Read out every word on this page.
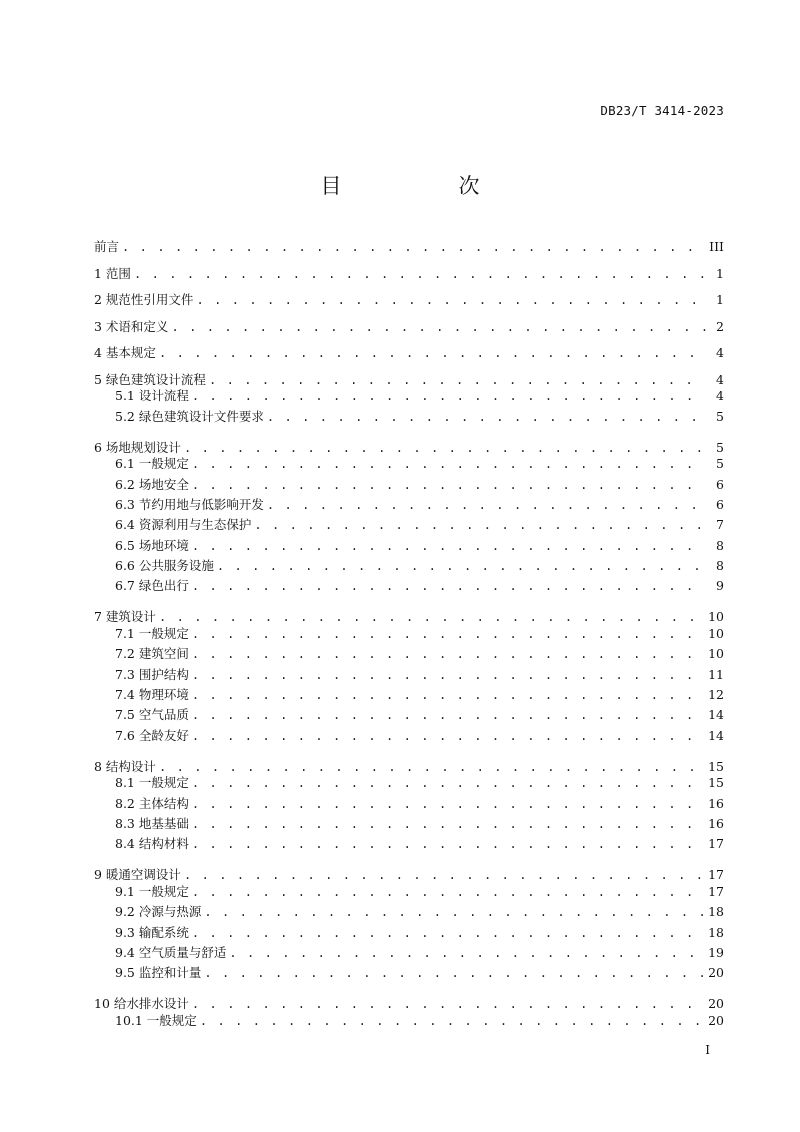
DB23/T 3414-2023
目　次
前言 . . .	III
1 范围 . . .	1
2 规范性引用文件 . . .	1
3 术语和定义 . . .	2
4 基本规定 . . .	4
5 绿色建筑设计流程 . . .	4
5.1 设计流程 . . .	4
5.2 绿色建筑设计文件要求 . . .	5
6 场地规划设计 . . .	5
6.1 一般规定 . . .	5
6.2 场地安全 . . .	6
6.3 节约用地与低影响开发 . . .	6
6.4 资源利用与生态保护 . . .	7
6.5 场地环境 . . .	8
6.6 公共服务设施 . . .	8
6.7 绿色出行 . . .	9
7 建筑设计 . . .	10
7.1 一般规定 . . .	10
7.2 建筑空间 . . .	10
7.3 围护结构 . . .	11
7.4 物理环境 . . .	12
7.5 空气品质 . . .	14
7.6 全龄友好 . . .	14
8 结构设计 . . .	15
8.1 一般规定 . . .	15
8.2 主体结构 . . .	16
8.3 地基基础 . . .	16
8.4 结构材料 . . .	17
9 暖通空调设计 . . .	17
9.1 一般规定 . . .	17
9.2 冷源与热源 . . .	18
9.3 输配系统 . . .	18
9.4 空气质量与舒适 . . .	19
9.5 监控和计量 . . .	20
10 给水排水设计 . . .	20
10.1 一般规定 . . .	20
I
